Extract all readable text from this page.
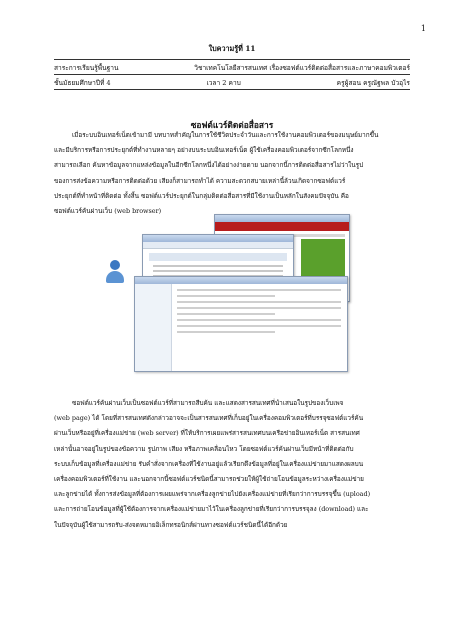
1
ใบความรู้ที่ 11
สาระการเรียนรู้พื้นฐาน	วิชาเทคโนโลยีสารสนเทศ เรื่องซอฟต์แวร์ติดต่อสื่อสารและภาษาคอมพิวเตอร์
ชั้นมัธยมศึกษาปีที่ 4	เวลา 2 คาบ	ครูผู้สอน ครูณัฐพล บัวอุไร
ซอฟต์แวร์ติดต่อสื่อสาร
เมื่อระบบอินเทอร์เน็ตเข้ามามี บทบาทสำคัญในการใช้ชีวิตประจำวันและการใช้งานคอมพิวเตอร์ของมนุษย์มากขึ้น
และมีบริการหรือการประยุกต์ที่ทำงานหลายๆ อย่างบนระบบอินเทอร์เน็ต ผู้ใช้เครื่องคอมพิวเตอร์จากซีกโลกหนึ่ง
สามารถเลือก ค้นหาข้อมูลจากแหล่งข้อมูลในอีกซีกโลกหนึ่งได้อย่างง่ายดาย นอกจากนี้การติดต่อสื่อสารไม่ว่าในรูป
ของการส่งข้อความหรือการติดต่อด้วย เสียงก็สามารถทำได้ ความสะดวกสบายเหล่านี้ล้วนเกิดจากซอฟต์แวร์
ประยุกต์ที่ทำหน้าที่ติดต่อ ทั้งสิ้น ซอฟต์แวร์ประยุกต์ในกลุ่มติดต่อสื่อสารที่มีใช้งานเป็นหลักในสังคมปัจจุบัน คือ
ซอฟต์แวร์ค้นผ่านเว็บ (web browser)
ซอฟต์แวร์ค้นผ่านเว็บเป็นซอฟต์แวร์ที่สามารถสืบค้น และแสดงสารสนเทศที่นำเสนอในรูปของเว็บเพจ
(web page) ได้ โดยที่สารสนเทศดังกล่าวอาจจะเป็นสารสนเทศที่เก็บอยู่ในเครื่องคอมพิวเตอร์ที่บรรจุซอฟต์แวร์ค้น
ผ่านเว็บหรืออยู่ที่เครื่องแม่ข่าย (web server) ที่ให้บริการเผยแพร่สารสนเทศบนเครือข่ายอินเทอร์เน็ต สารสนเทศ
เหล่านั้นอาจอยู่ในรูปของข้อความ รูปภาพ เสียง หรือภาพเคลื่อนไหว โดยซอฟต์แวร์ค้นผ่านเว็บมีหน้าที่ติดต่อกับ
ระบบเก็บข้อมูลที่เครื่องแม่ข่าย รับคำสั่งจากเครื่องที่ใช้งานอยู่แล้วเรียกดึงข้อมูลที่อยู่ในเครื่องแม่ข่ายมาแสดงผลบน
เครื่องคอมพิวเตอร์ที่ใช้งาน และนอกจากนี้ซอฟต์แวร์ชนิดนี้สามารถช่วยให้ผู้ใช้ถ่ายโอนข้อมูลระหว่างเครื่องแม่ข่าย
และลูกข่ายได้ ทั้งการส่งข้อมูลที่ต้องการเผยแพร่จากเครื่องลูกข่ายไปยังเครื่องแม่ข่ายที่เรียกว่าการบรรจุขึ้น (upload)
และการถ่ายโอนข้อมูลที่ผู้ใช้ต้องการจากเครื่องแม่ข่ายมาไว้ในเครื่องลูกข่ายที่เรียกว่าการบรรจุลง (download) และ
ในปัจจุบันผู้ใช้สามารถรับ-ส่งจดหมายอิเล็กทรอนิกส์ผ่านทางซอฟต์แวร์ชนิดนี้ได้อีกด้วย
